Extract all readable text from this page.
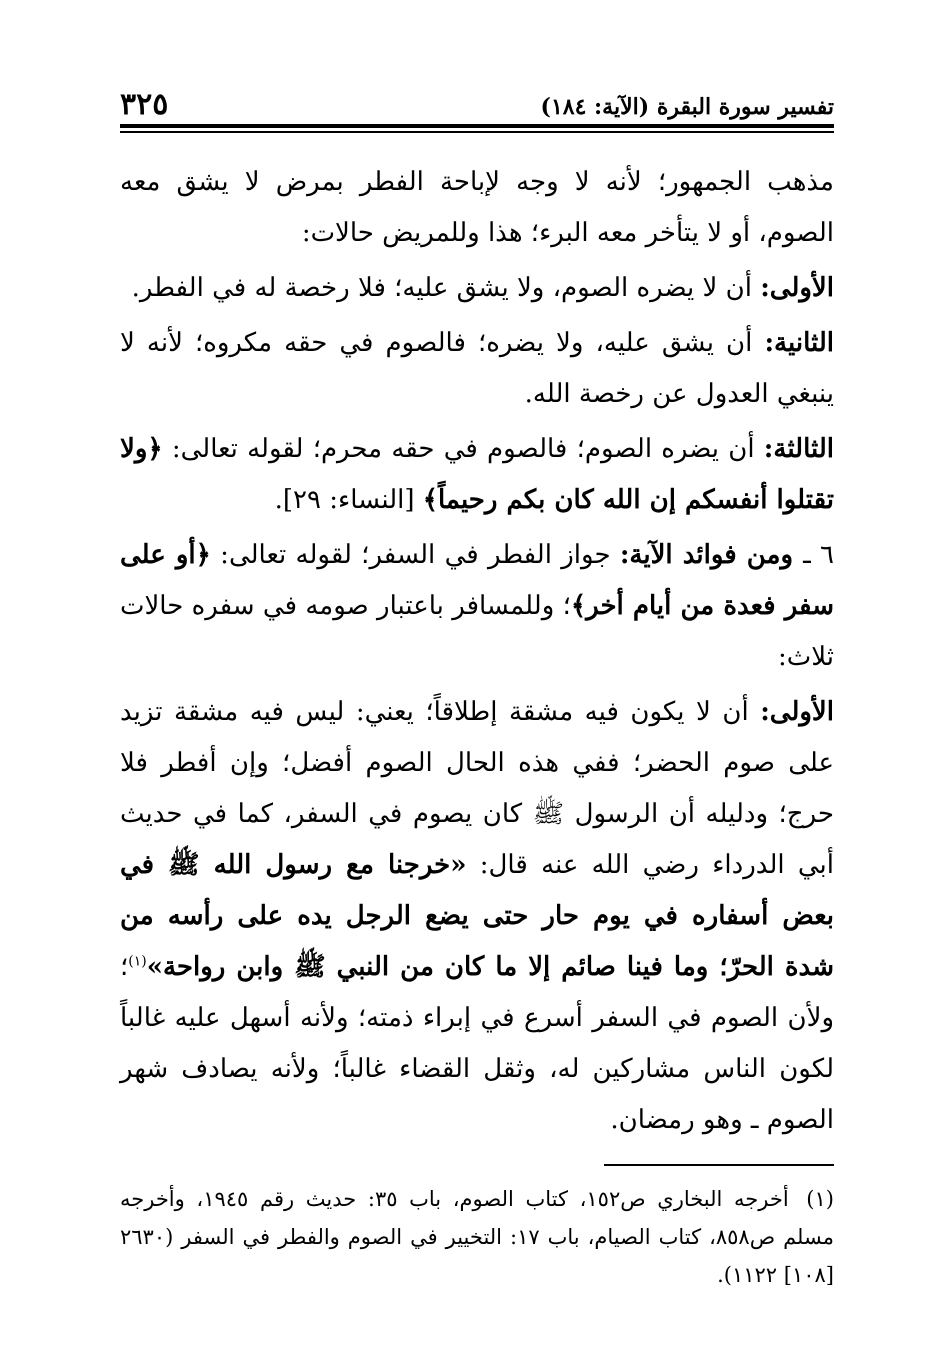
تفسير سورة البقرة (الآية: ١٨٤)
٣٢٥

مذهب الجمهور؛ لأنه لا وجه لإباحة الفطر بمرض لا يشق معه الصوم، أو لا يتأخر معه البرء؛ هذا وللمريض حالات:

الأولى: أن لا يضره الصوم، ولا يشق عليه؛ فلا رخصة له في الفطر.

الثانية: أن يشق عليه، ولا يضره؛ فالصوم في حقه مكروه؛ لأنه لا ينبغي العدول عن رخصة الله.

الثالثة: أن يضره الصوم؛ فالصوم في حقه محرم؛ لقوله تعالى: ﴿ولا تقتلوا أنفسكم إن الله كان بكم رحيماً﴾ [النساء: ٢٩].

٦ ـ ومن فوائد الآية: جواز الفطر في السفر؛ لقوله تعالى: ﴿أو على سفر فعدة من أيام أخر﴾؛ وللمسافر باعتبار صومه في سفره حالات ثلاث:

الأولى: أن لا يكون فيه مشقة إطلاقاً؛ يعني: ليس فيه مشقة تزيد على صوم الحضر؛ ففي هذه الحال الصوم أفضل؛ وإن أفطر فلا حرج؛ ودليله أن الرسول ﷺ كان يصوم في السفر، كما في حديث أبي الدرداء رضي الله عنه قال: «خرجنا مع رسول الله ﷺ في بعض أسفاره في يوم حار حتى يضع الرجل يده على رأسه من شدة الحرّ؛ وما فينا صائم إلا ما كان من النبي ﷺ وابن رواحة»$^{(١)}$؛ ولأن الصوم في السفر أسرع في إبراء ذمته؛ ولأنه أسهل عليه غالباً لكون الناس مشاركين له، وثقل القضاء غالباً؛ ولأنه يصادف شهر الصوم ـ وهو رمضان.

(١) أخرجه البخاري ص١٥٢، كتاب الصوم، باب ٣٥: حديث رقم ١٩٤٥، وأخرجه مسلم ص٨٥٨، كتاب الصيام، باب ١٧: التخيير في الصوم والفطر في السفر (٢٦٣٠ [١٠٨] ١١٢٢).
